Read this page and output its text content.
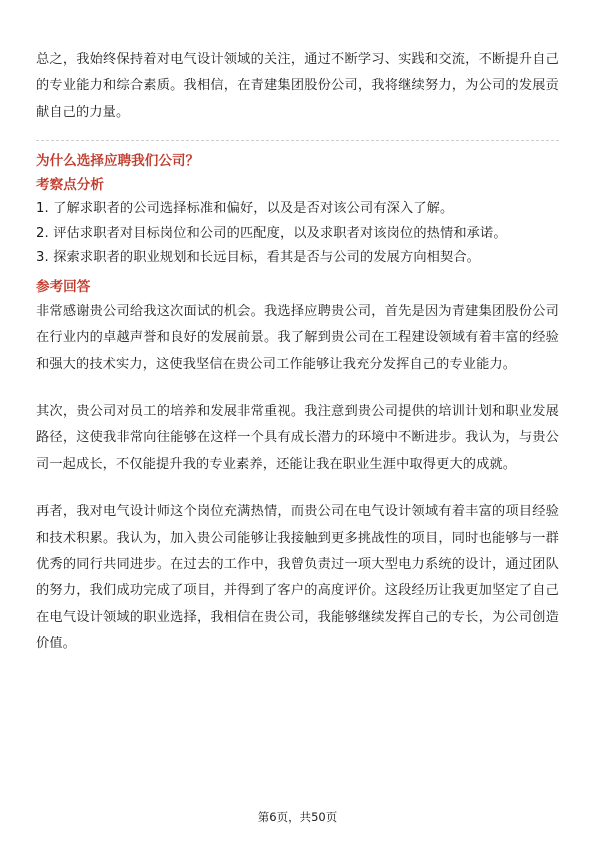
总之，我始终保持着对电气设计领域的关注，通过不断学习、实践和交流，不断提升自己的专业能力和综合素质。我相信，在青建集团股份公司，我将继续努力，为公司的发展贡献自己的力量。

为什么选择应聘我们公司？
考察点分析
1. 了解求职者的公司选择标准和偏好，以及是否对该公司有深入了解。
2. 评估求职者对目标岗位和公司的匹配度，以及求职者对该岗位的热情和承诺。
3. 探索求职者的职业规划和长远目标，看其是否与公司的发展方向相契合。
参考回答

非常感谢贵公司给我这次面试的机会。我选择应聘贵公司，首先是因为青建集团股份公司在行业内的卓越声誉和良好的发展前景。我了解到贵公司在工程建设领域有着丰富的经验和强大的技术实力，这使我坚信在贵公司工作能够让我充分发挥自己的专业能力。

其次，贵公司对员工的培养和发展非常重视。我注意到贵公司提供的培训计划和职业发展路径，这使我非常向往能够在这样一个具有成长潜力的环境中不断进步。我认为，与贵公司一起成长，不仅能提升我的专业素养，还能让我在职业生涯中取得更大的成就。

再者，我对电气设计师这个岗位充满热情，而贵公司在电气设计领域有着丰富的项目经验和技术积累。我认为，加入贵公司能够让我接触到更多挑战性的项目，同时也能够与一群优秀的同行共同进步。在过去的工作中，我曾负责过一项大型电力系统的设计，通过团队的努力，我们成功完成了项目，并得到了客户的高度评价。这段经历让我更加坚定了自己在电气设计领域的职业选择，我相信在贵公司，我能够继续发挥自己的专长，为公司创造价值。

第6页，共50页
